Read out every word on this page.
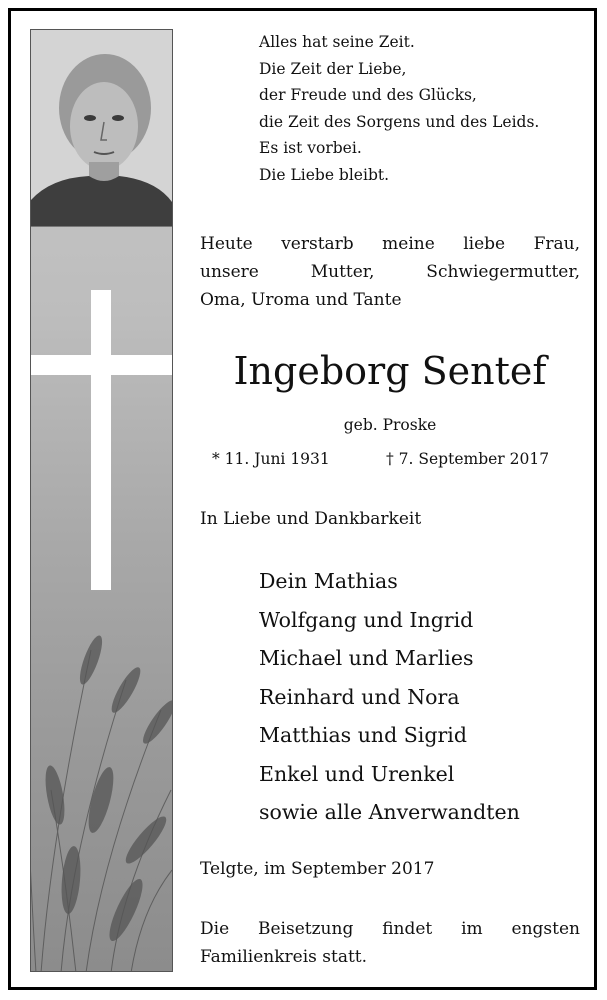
Alles hat seine Zeit.
Die Zeit der Liebe,
der Freude und des Glücks,
die Zeit des Sorgens und des Leids.
Es ist vorbei.
Die Liebe bleibt.
Heute verstarb meine liebe Frau,
unsere Mutter, Schwiegermutter,
Oma, Uroma und Tante
Ingeborg Sentef
geb. Proske
* 11. Juni 1931	† 7. September 2017
In Liebe und Dankbarkeit
Dein Mathias
Wolfgang und Ingrid
Michael und Marlies
Reinhard und Nora
Matthias und Sigrid
Enkel und Urenkel
sowie alle Anverwandten
Telgte, im September 2017
Die Beisetzung findet im engsten
Familienkreis statt.
